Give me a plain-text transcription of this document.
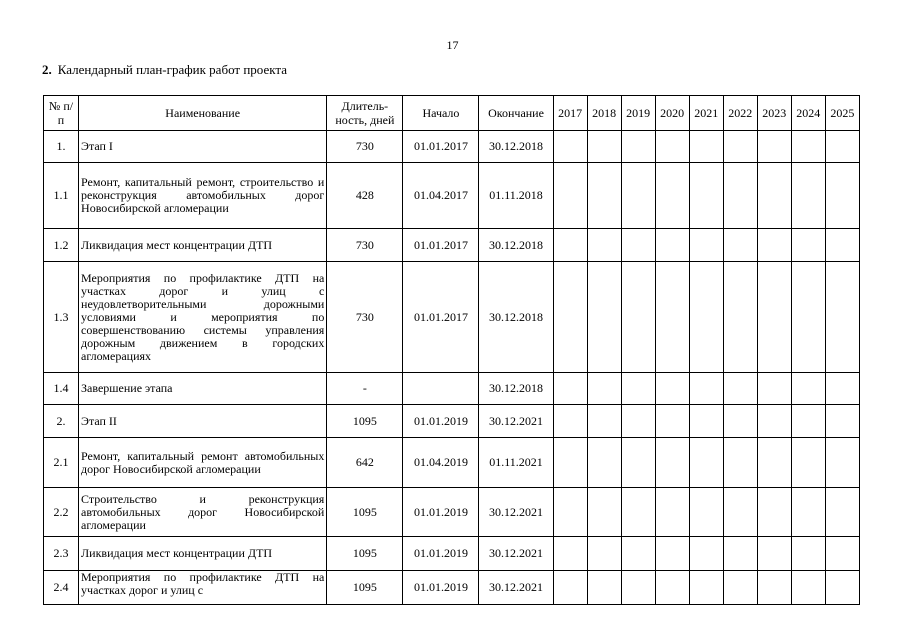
17
2. Календарный план-график работ проекта
№ п/п	Наименование	Длитель-ность, дней	Начало	Окончание	2017	2018	2019	2020	2021	2022	2023	2024	2025
1.	Этап I	730	01.01.2017	30.12.2018									
1.1	Ремонт, капитальный ремонт, строительство и реконструкция автомобильных дорог Новосибирской агломерации	428	01.04.2017	01.11.2018									
1.2	Ликвидация мест концентрации ДТП	730	01.01.2017	30.12.2018									
1.3	Мероприятия по профилактике ДТП на участках дорог и улиц с неудовлетворительными дорожными условиями и мероприятия по совершенствованию системы управления дорожным движением в городских агломерациях	730	01.01.2017	30.12.2018									
1.4	Завершение этапа	-		30.12.2018									
2.	Этап II	1095	01.01.2019	30.12.2021									
2.1	Ремонт, капитальный ремонт автомобильных дорог Новосибирской агломерации	642	01.04.2019	01.11.2021									
2.2	Строительство и реконструкция автомобильных дорог Новосибирской агломерации	1095	01.01.2019	30.12.2021									
2.3	Ликвидация мест концентрации ДТП	1095	01.01.2019	30.12.2021									
2.4	Мероприятия по профилактике ДТП на участках дорог и улиц с	1095	01.01.2019	30.12.2021									
